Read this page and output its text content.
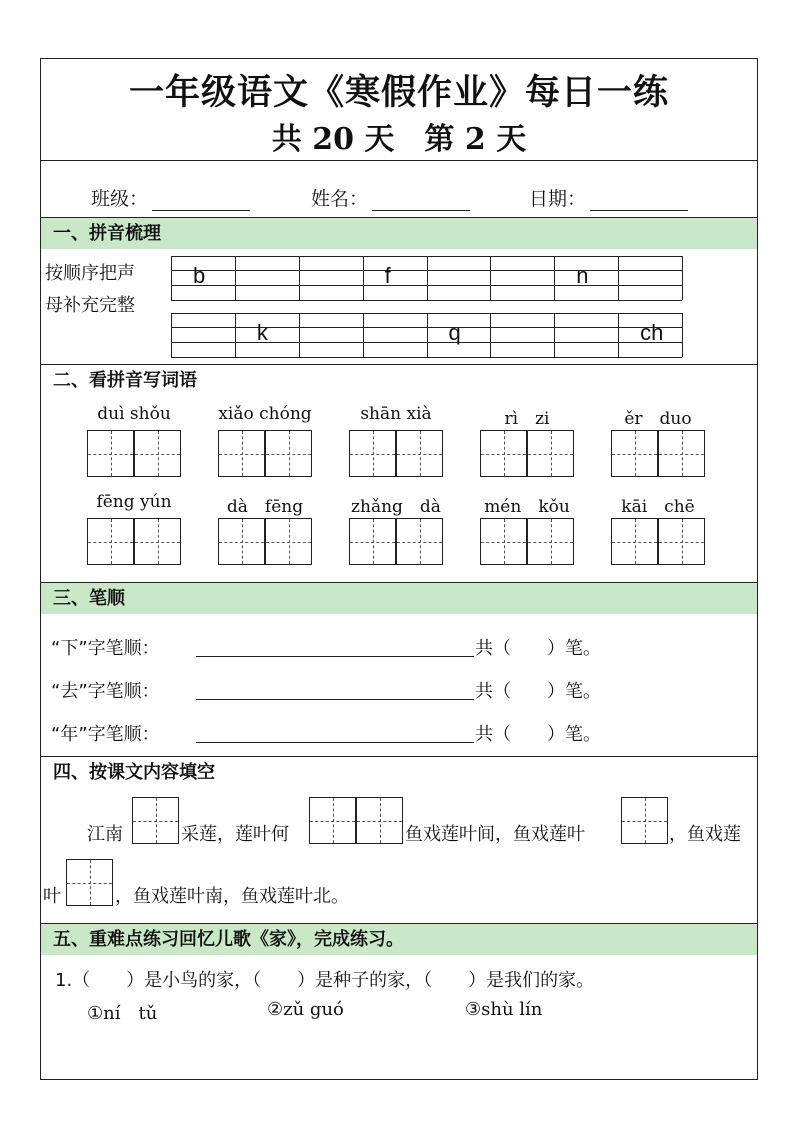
一年级语文《寒假作业》每日一练
共 20 天　第 2 天
班级：	姓名：	日期：
一、拼音梳理
按顺序把声
母补充完整
b	f	n
k	q	ch
二、看拼音写词语
duì shǒu	xiǎo chóng	shān xià	rì　zi	ěr　duo
fēng yún	dà　fēng	zhǎng　dà	mén　kǒu	kāi　chē
三、笔顺
“下”字笔顺：	共（　　）笔。
“去”字笔顺：	共（　　）笔。
“年”字笔顺：	共（　　）笔。
四、按课文内容填空
江南	采莲，莲叶何	鱼戏莲叶间，鱼戏莲叶	，鱼戏莲
叶	，鱼戏莲叶南，鱼戏莲叶北。
五、重难点练习回忆儿歌《家》，完成练习。
1.（　　）是小鸟的家，（　　）是种子的家，（　　）是我们的家。
①ní　tǔ	②zǔ guó	③shù lín
